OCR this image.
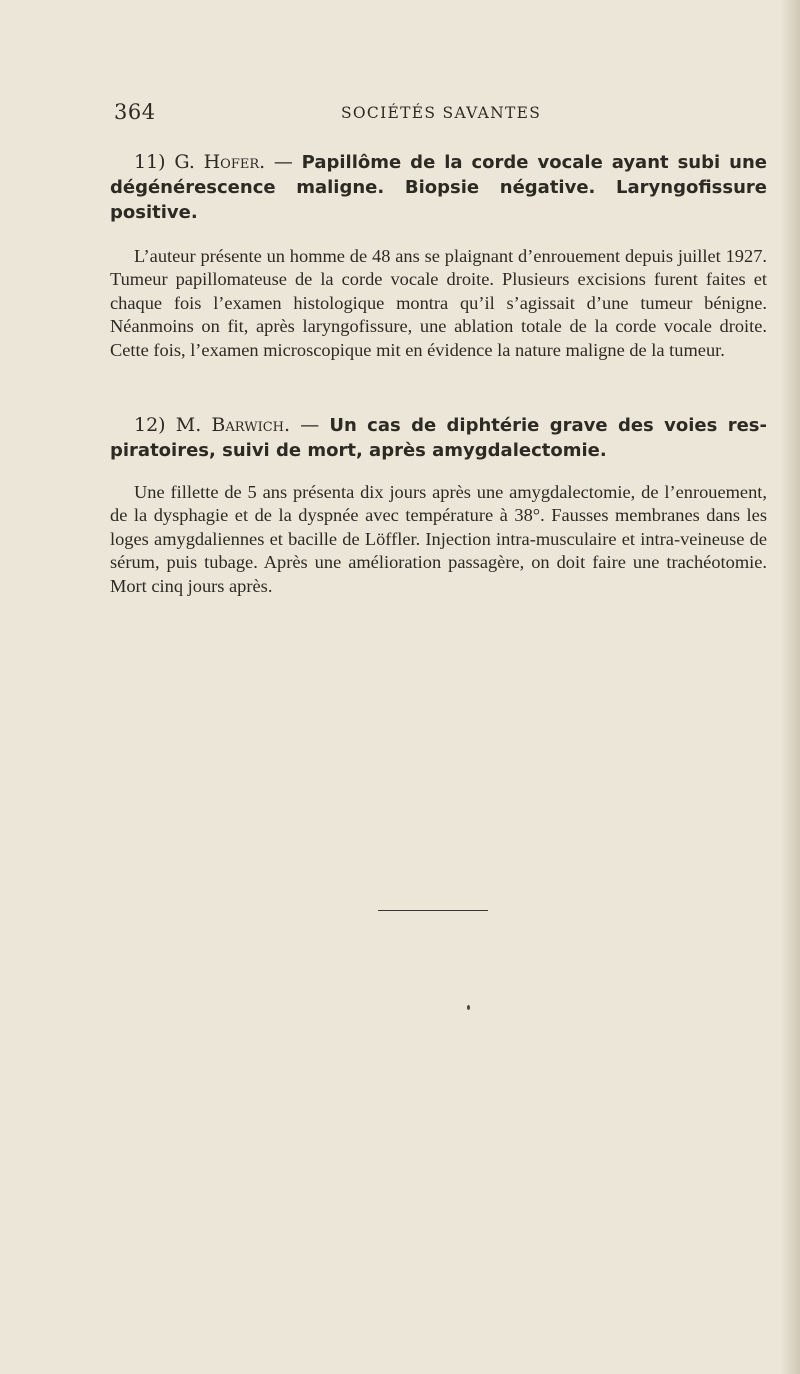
364	SOCIÉTÉS SAVANTES

11) G. Hofer. — Papillôme de la corde vocale ayant subi une dégénérescence maligne. Biopsie négative. Laryngofissure positive.

L’auteur présente un homme de 48 ans se plaignant d’enrouement depuis juillet 1927. Tumeur papillomateuse de la corde vocale droite. Plusieurs excisions furent faites et chaque fois l’examen histologique montra qu’il s’agissait d’une tumeur bénigne. Néanmoins on fit, après laryngofissure, une ablation totale de la corde vocale droite. Cette fois, l’examen microscopique mit en évidence la nature maligne de la tumeur.

12) M. Barwich. — Un cas de diphtérie grave des voies respiratoires, suivi de mort, après amygdalectomie.

Une fillette de 5 ans présenta dix jours après une amygdalectomie, de l’enrouement, de la dysphagie et de la dyspnée avec température à 38°. Fausses membranes dans les loges amygdaliennes et bacille de Löffler. Injection intra-musculaire et intra-veineuse de sérum, puis tubage. Après une amélioration passagère, on doit faire une trachéotomie. Mort cinq jours après.
